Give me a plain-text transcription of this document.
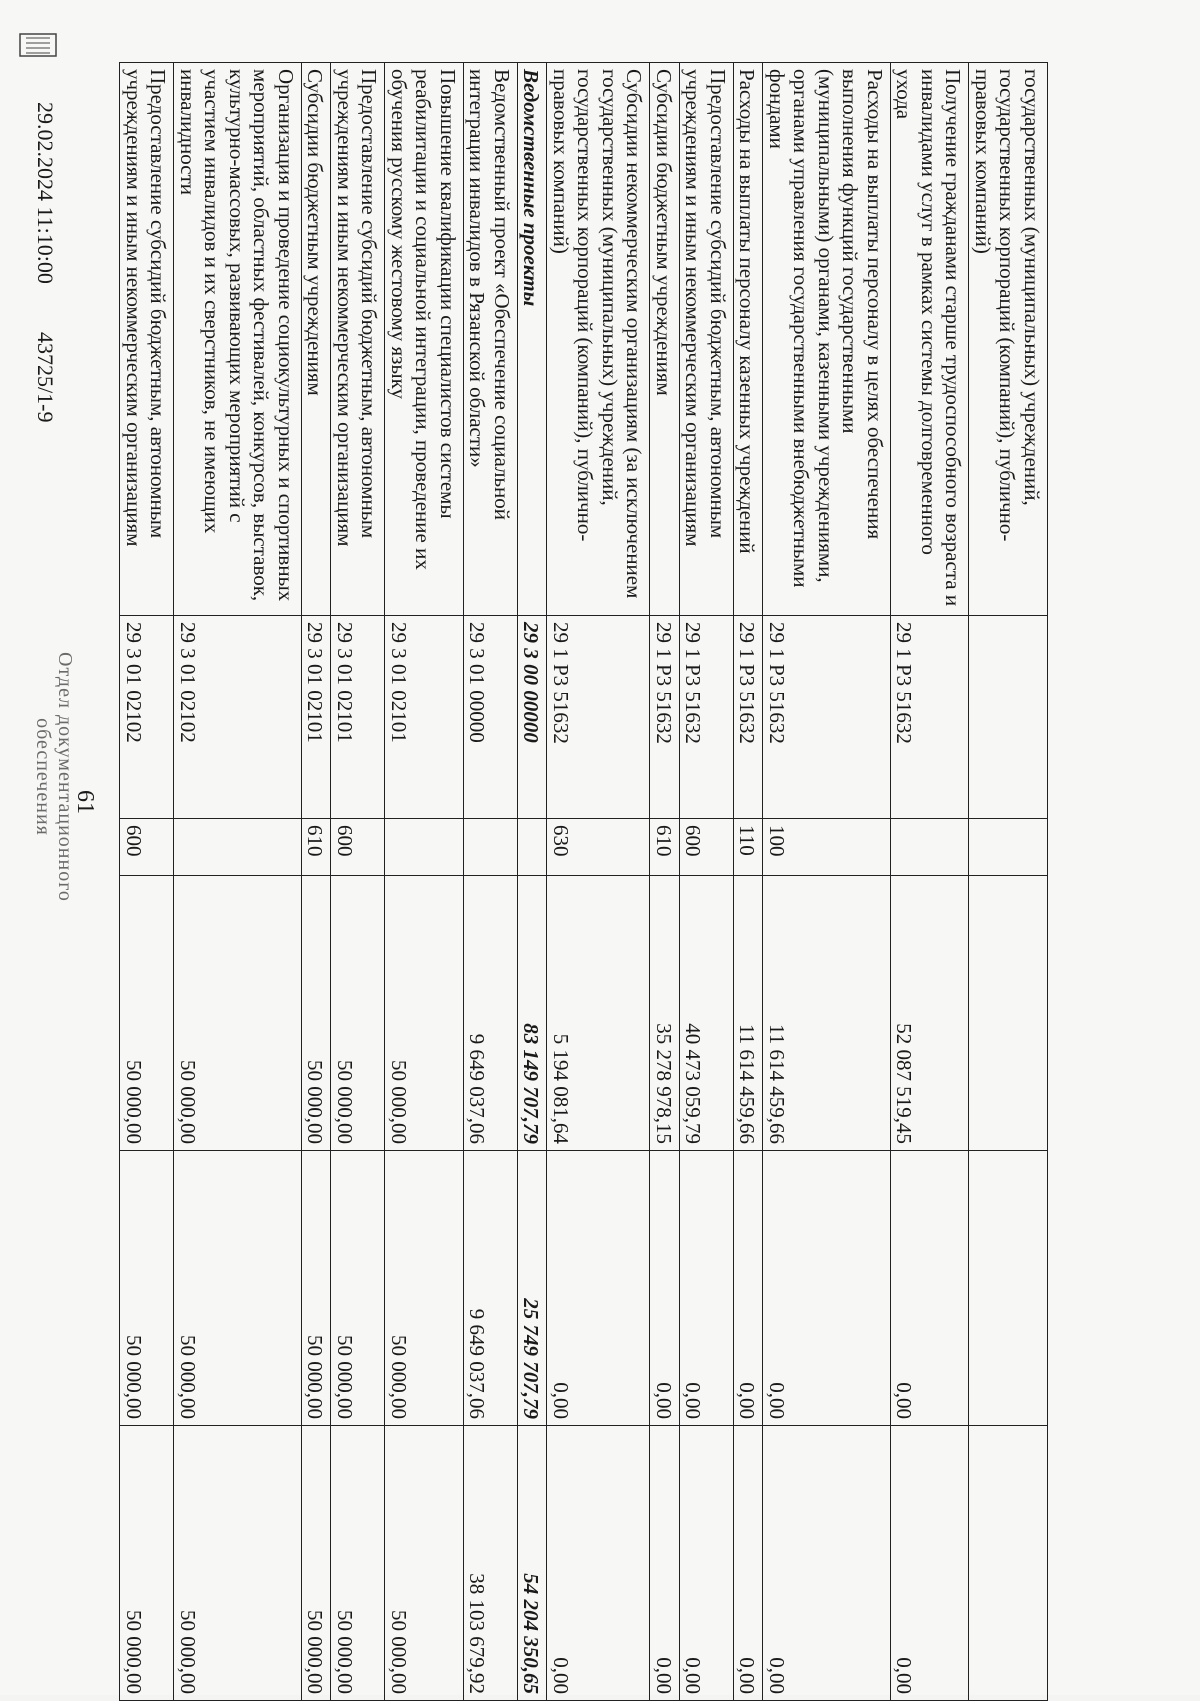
государственных (муниципальных) учреждений, государственных корпораций (компаний), публично-правовых компаний)					
Получение гражданами старше трудоспособного возраста и инвалидами услуг в рамках системы долговременного ухода	29 1 Р3 51632		52 087 519,45	0,00	0,00
Расходы на выплаты персоналу в целях обеспечения выполнения функций государственными (муниципальными) органами, казенными учреждениями, органами управления государственными внебюджетными фондами	29 1 Р3 51632	100	11 614 459,66	0,00	0,00
Расходы на выплаты персоналу казенных учреждений	29 1 Р3 51632	110	11 614 459,66	0,00	0,00
Предоставление субсидий бюджетным, автономным учреждениям и иным некоммерческим организациям	29 1 Р3 51632	600	40 473 059,79	0,00	0,00
Субсидии бюджетным учреждениям	29 1 Р3 51632	610	35 278 978,15	0,00	0,00
Субсидии некоммерческим организациям (за исключением государственных (муниципальных) учреждений, государственных корпораций (компаний), публично-правовых компаний)	29 1 Р3 51632	630	5 194 081,64	0,00	0,00
Ведомственные проекты	29 3 00 00000		83 149 707,79	25 749 707,79	54 204 350,65
Ведомственный проект «Обеспечение социальной интеграции инвалидов в Рязанской области»	29 3 01 00000		9 649 037,06	9 649 037,06	38 103 679,92
Повышение квалификации специалистов системы реабилитации и социальной интеграции, проведение их обучения русскому жестовому языку	29 3 01 02101		50 000,00	50 000,00	50 000,00
Предоставление субсидий бюджетным, автономным учреждениям и иным некоммерческим организациям	29 3 01 02101	600	50 000,00	50 000,00	50 000,00
Субсидии бюджетным учреждениям	29 3 01 02101	610	50 000,00	50 000,00	50 000,00
Организация и проведение социокультурных и спортивных мероприятий, областных фестивалей, конкурсов, выставок, культурно-массовых, развивающих мероприятий с участием инвалидов и их сверстников, не имеющих инвалидности	29 3 01 02102		50 000,00	50 000,00	50 000,00
Предоставление субсидий бюджетным, автономным учреждениям и иным некоммерческим организациям	29 3 01 02102	600	50 000,00	50 000,00	50 000,00
29.02.2024 11:10:00
43725/1-9
Отдел документационного
обеспечения 61
